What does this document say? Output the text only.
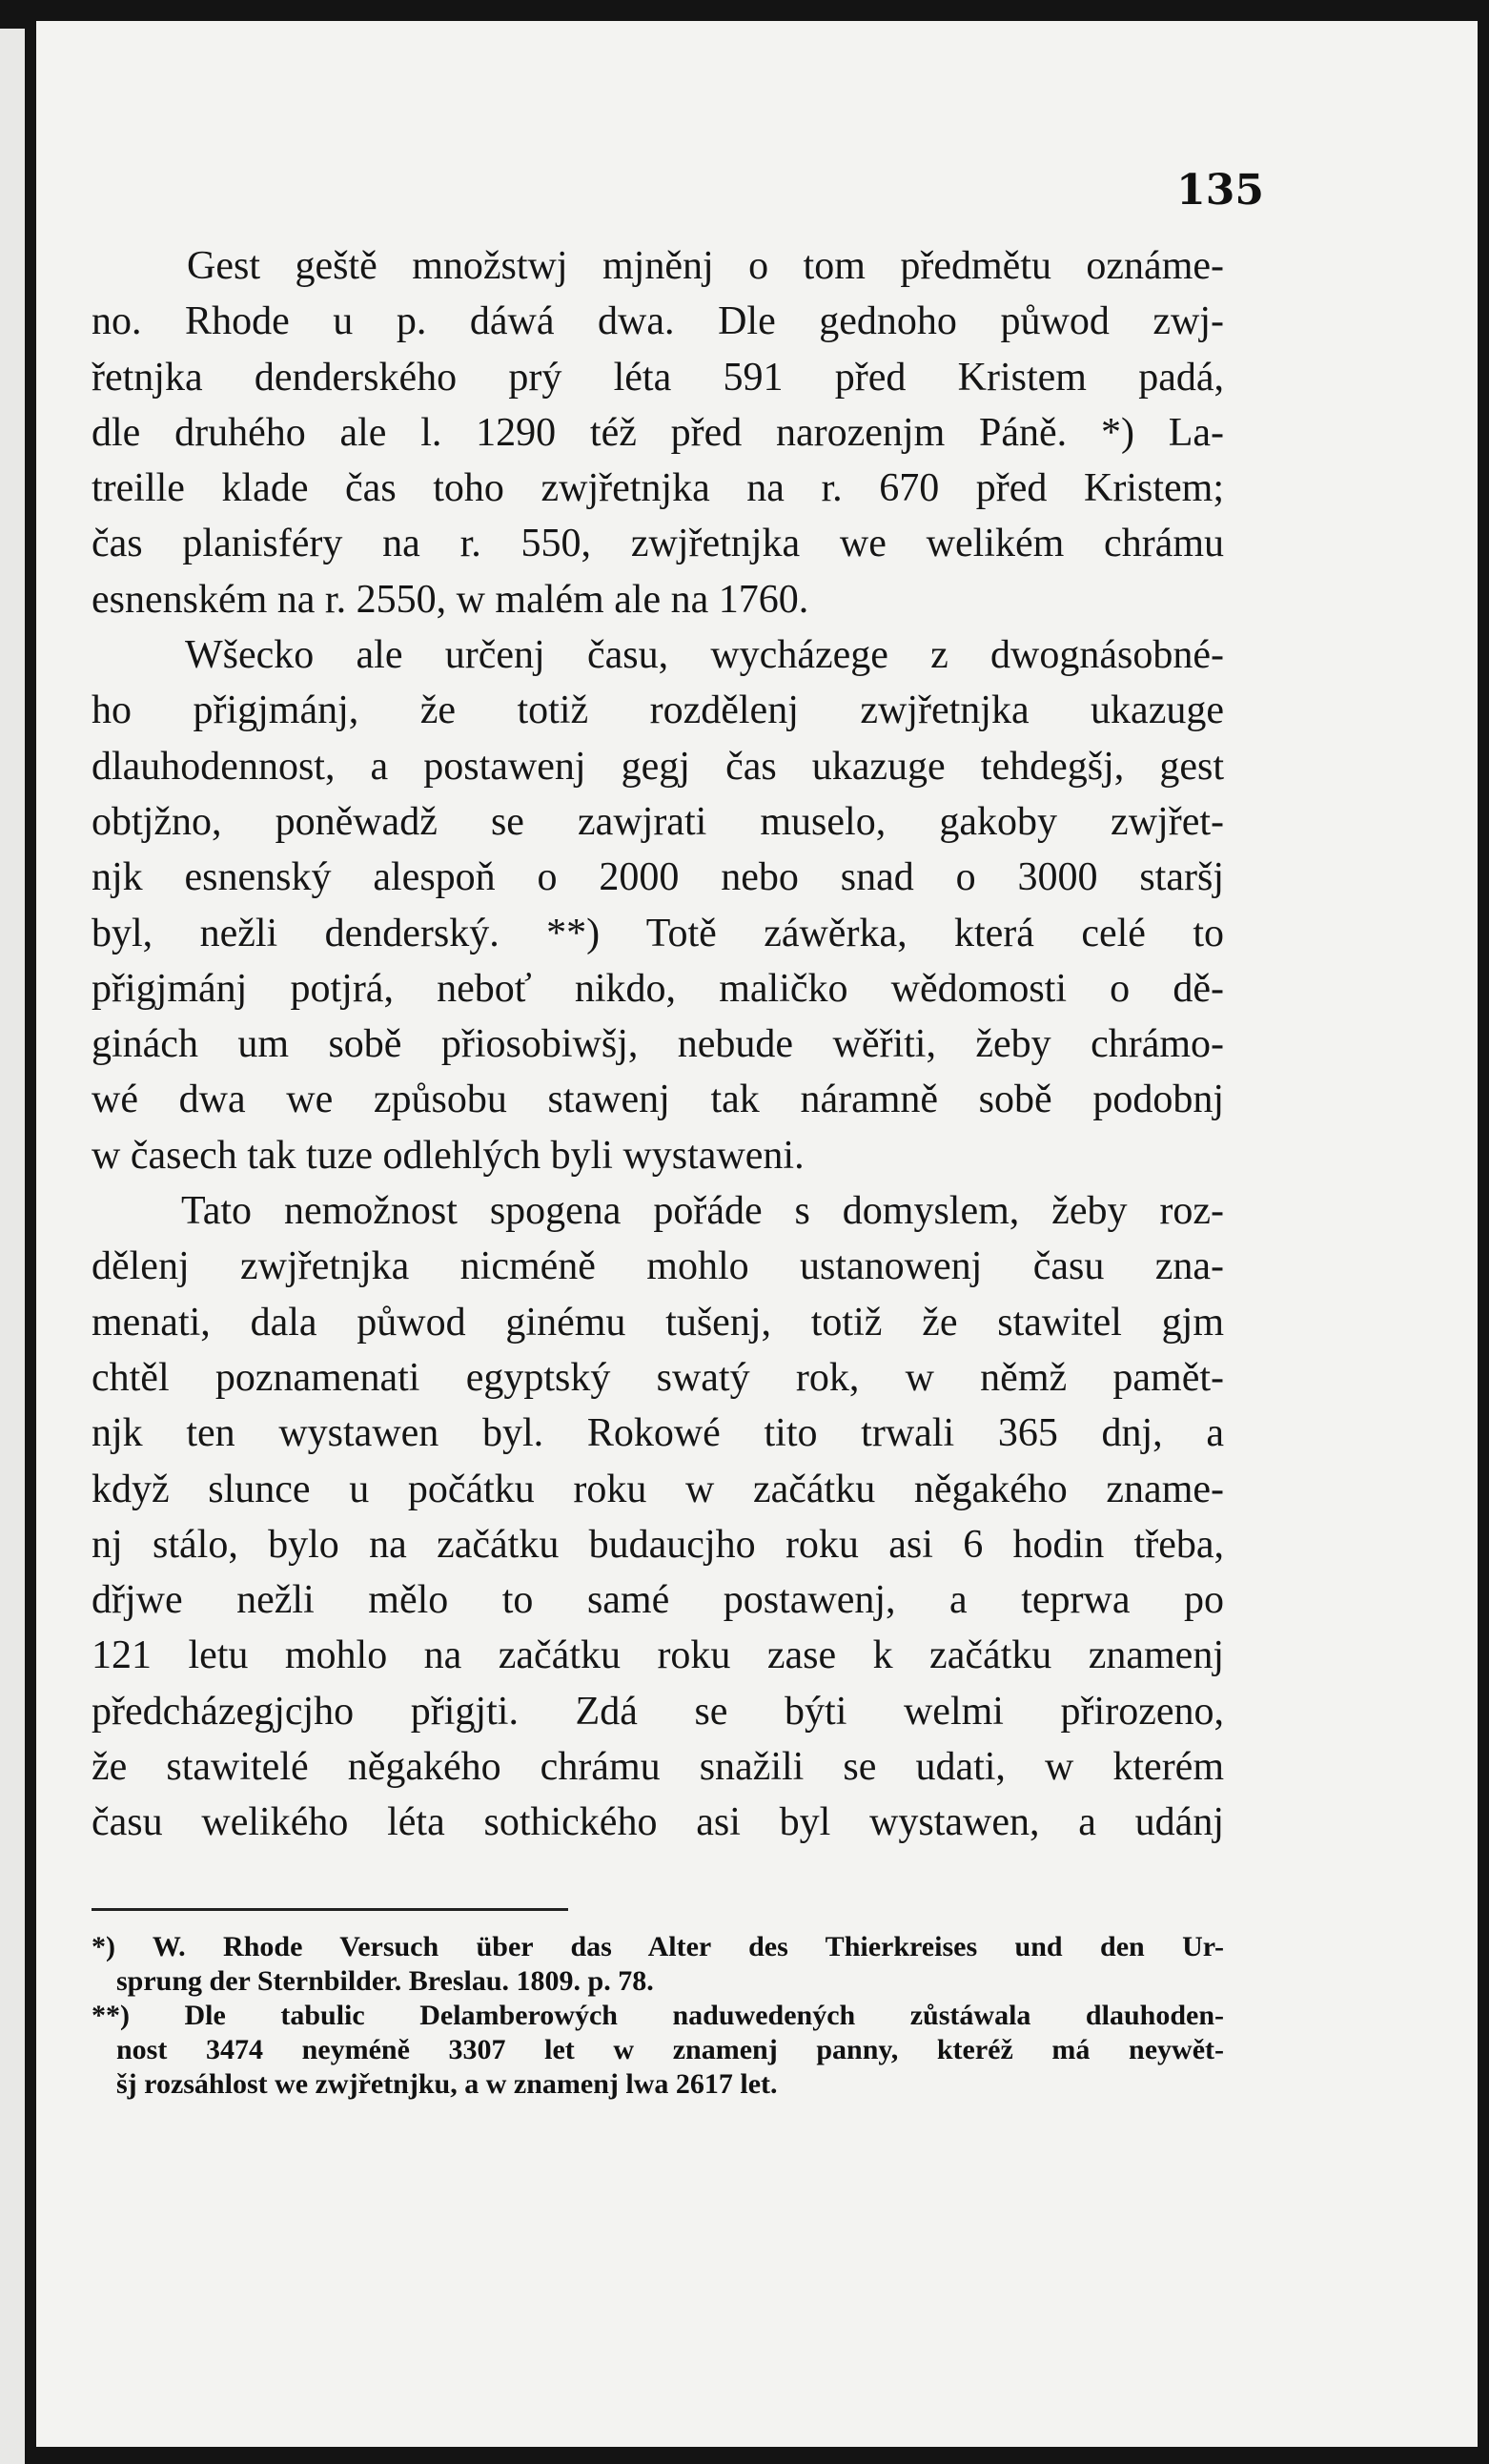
135

Gest geště množstwj mjněnj o tom předmětu oznáme-
no. Rhode u p. dáwá dwa. Dle gednoho půwod zwj-
řetnjka denderského prý léta 591 před Kristem padá,
dle druhého ale l. 1290 též před narozenjm Páně. *) La-
treille klade čas toho zwjřetnjka na r. 670 před Kristem;
čas planisféry na r. 550, zwjřetnjka we welikém chrámu
esnenském na r. 2550, w malém ale na 1760.

Wšecko ale určenj času, wycházege z dwognásobné-
ho přigjmánj, že totiž rozdělenj zwjřetnjka ukazuge
dlauhodennost, a postawenj gegj čas ukazuge tehdegšj, gest
obtjžno, poněwadž se zawjrati muselo, gakoby zwjřet-
njk esnenský alespoň o 2000 nebo snad o 3000 staršj
byl, nežli denderský. **) Totě záwěrka, která celé to
přigjmánj potjrá, neboť nikdo, maličko wědomosti o dě-
ginách um sobě přiosobiwšj, nebude wěřiti, žeby chrámo-
wé dwa we způsobu stawenj tak náramně sobě podobnj
w časech tak tuze odlehlých byli wystaweni.

Tato nemožnost spogena pořáde s domyslem, žeby roz-
dělenj zwjřetnjka nicméně mohlo ustanowenj času zna-
menati, dala půwod ginému tušenj, totiž že stawitel gjm
chtěl poznamenati egyptský swatý rok, w němž pamět-
njk ten wystawen byl. Rokowé tito trwali 365 dnj, a
když slunce u počátku roku w začátku něgakého zname-
nj stálo, bylo na začátku budaucjho roku asi 6 hodin třeba,
dřjwe nežli mělo to samé postawenj, a teprwa po
121 letu mohlo na začátku roku zase k začátku znamenj
předcházegjcjho přigjti. Zdá se býti welmi přirozeno,
že stawitelé něgakého chrámu snažili se udati, w kterém
času welikého léta sothického asi byl wystawen, a udánj

*) W. Rhode Versuch über das Alter des Thierkreises und den Ur-
sprung der Sternbilder. Breslau. 1809. p. 78.
**) Dle tabulic Delamberowých naduwedených zůstáwala dlauhoden-
nost 3474 neyméně 3307 let w znamenj panny, kteréž má neywět-
šj rozsáhlost we zwjřetnjku, a w znamenj lwa 2617 let.
